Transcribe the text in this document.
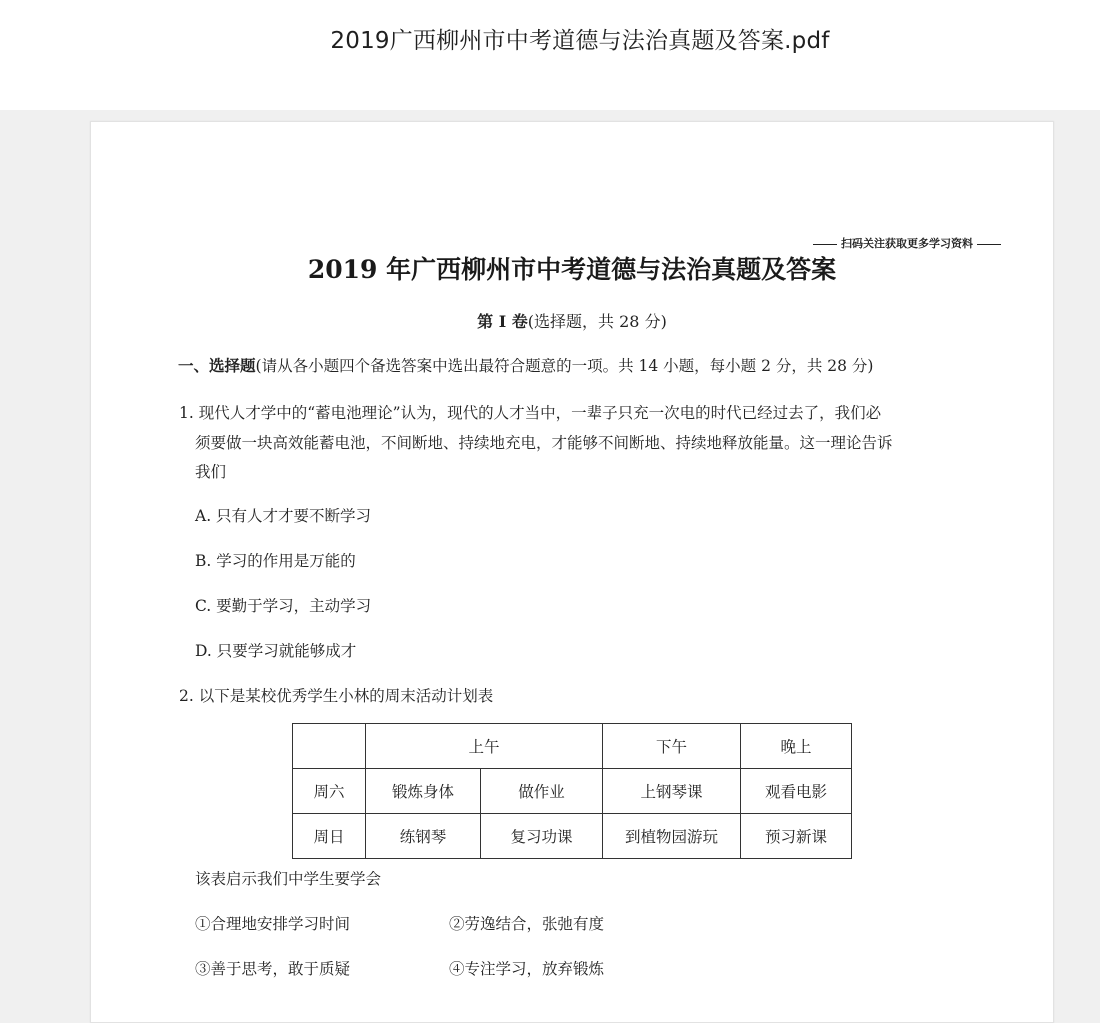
2019广西柳州市中考道德与法治真题及答案.pdf
扫码关注获取更多学习资料
2019 年广西柳州市中考道德与法治真题及答案
第 I 卷(选择题，共 28 分)
一、选择题(请从各小题四个备选答案中选出最符合题意的一项。共 14 小题，每小题 2 分，共 28 分)
1. 现代人才学中的“蓄电池理论”认为，现代的人才当中，一辈子只充一次电的时代已经过去了，我们必
须要做一块高效能蓄电池，不间断地、持续地充电，才能够不间断地、持续地释放能量。这一理论告诉
我们
A. 只有人才才要不断学习
B. 学习的作用是万能的
C. 要勤于学习，主动学习
D. 只要学习就能够成才
2. 以下是某校优秀学生小林的周末活动计划表
	上午		下午	晚上
周六	锻炼身体	做作业	上钢琴课	观看电影
周日	练钢琴	复习功课	到植物园游玩	预习新课
该表启示我们中学生要学会
①合理地安排学习时间	②劳逸结合，张弛有度
③善于思考，敢于质疑	④专注学习，放弃锻炼
